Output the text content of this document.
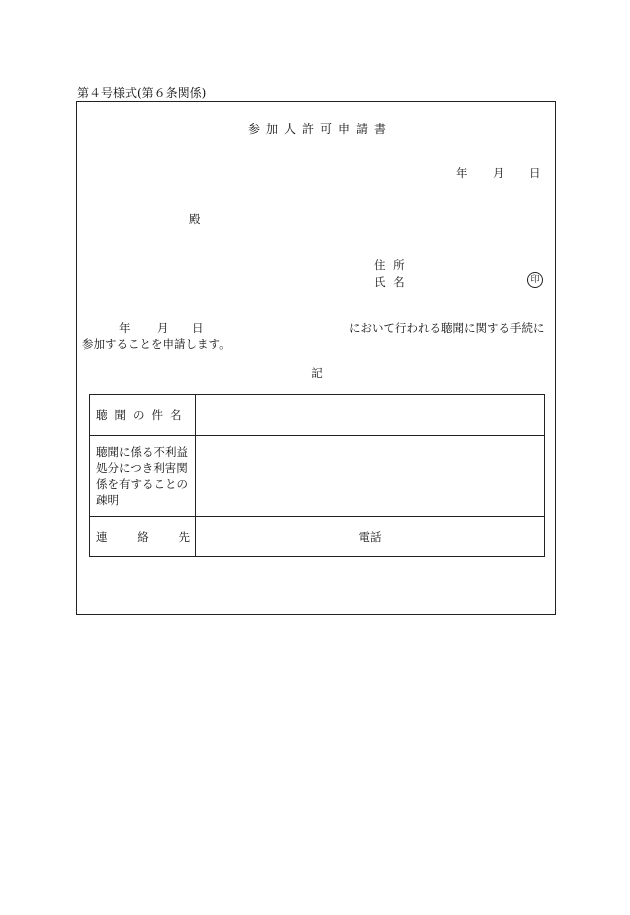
第４号様式(第６条関係)
参加人許可申請書
年 月 日
殿
住 所
氏 名	印
年 月 日	において行われる聴聞に関する手続に
参加することを申請します。
記
聴聞の件名	

聴聞に係る不利益処分につき利害関係を有することの疎明	

連 絡 先	電話
